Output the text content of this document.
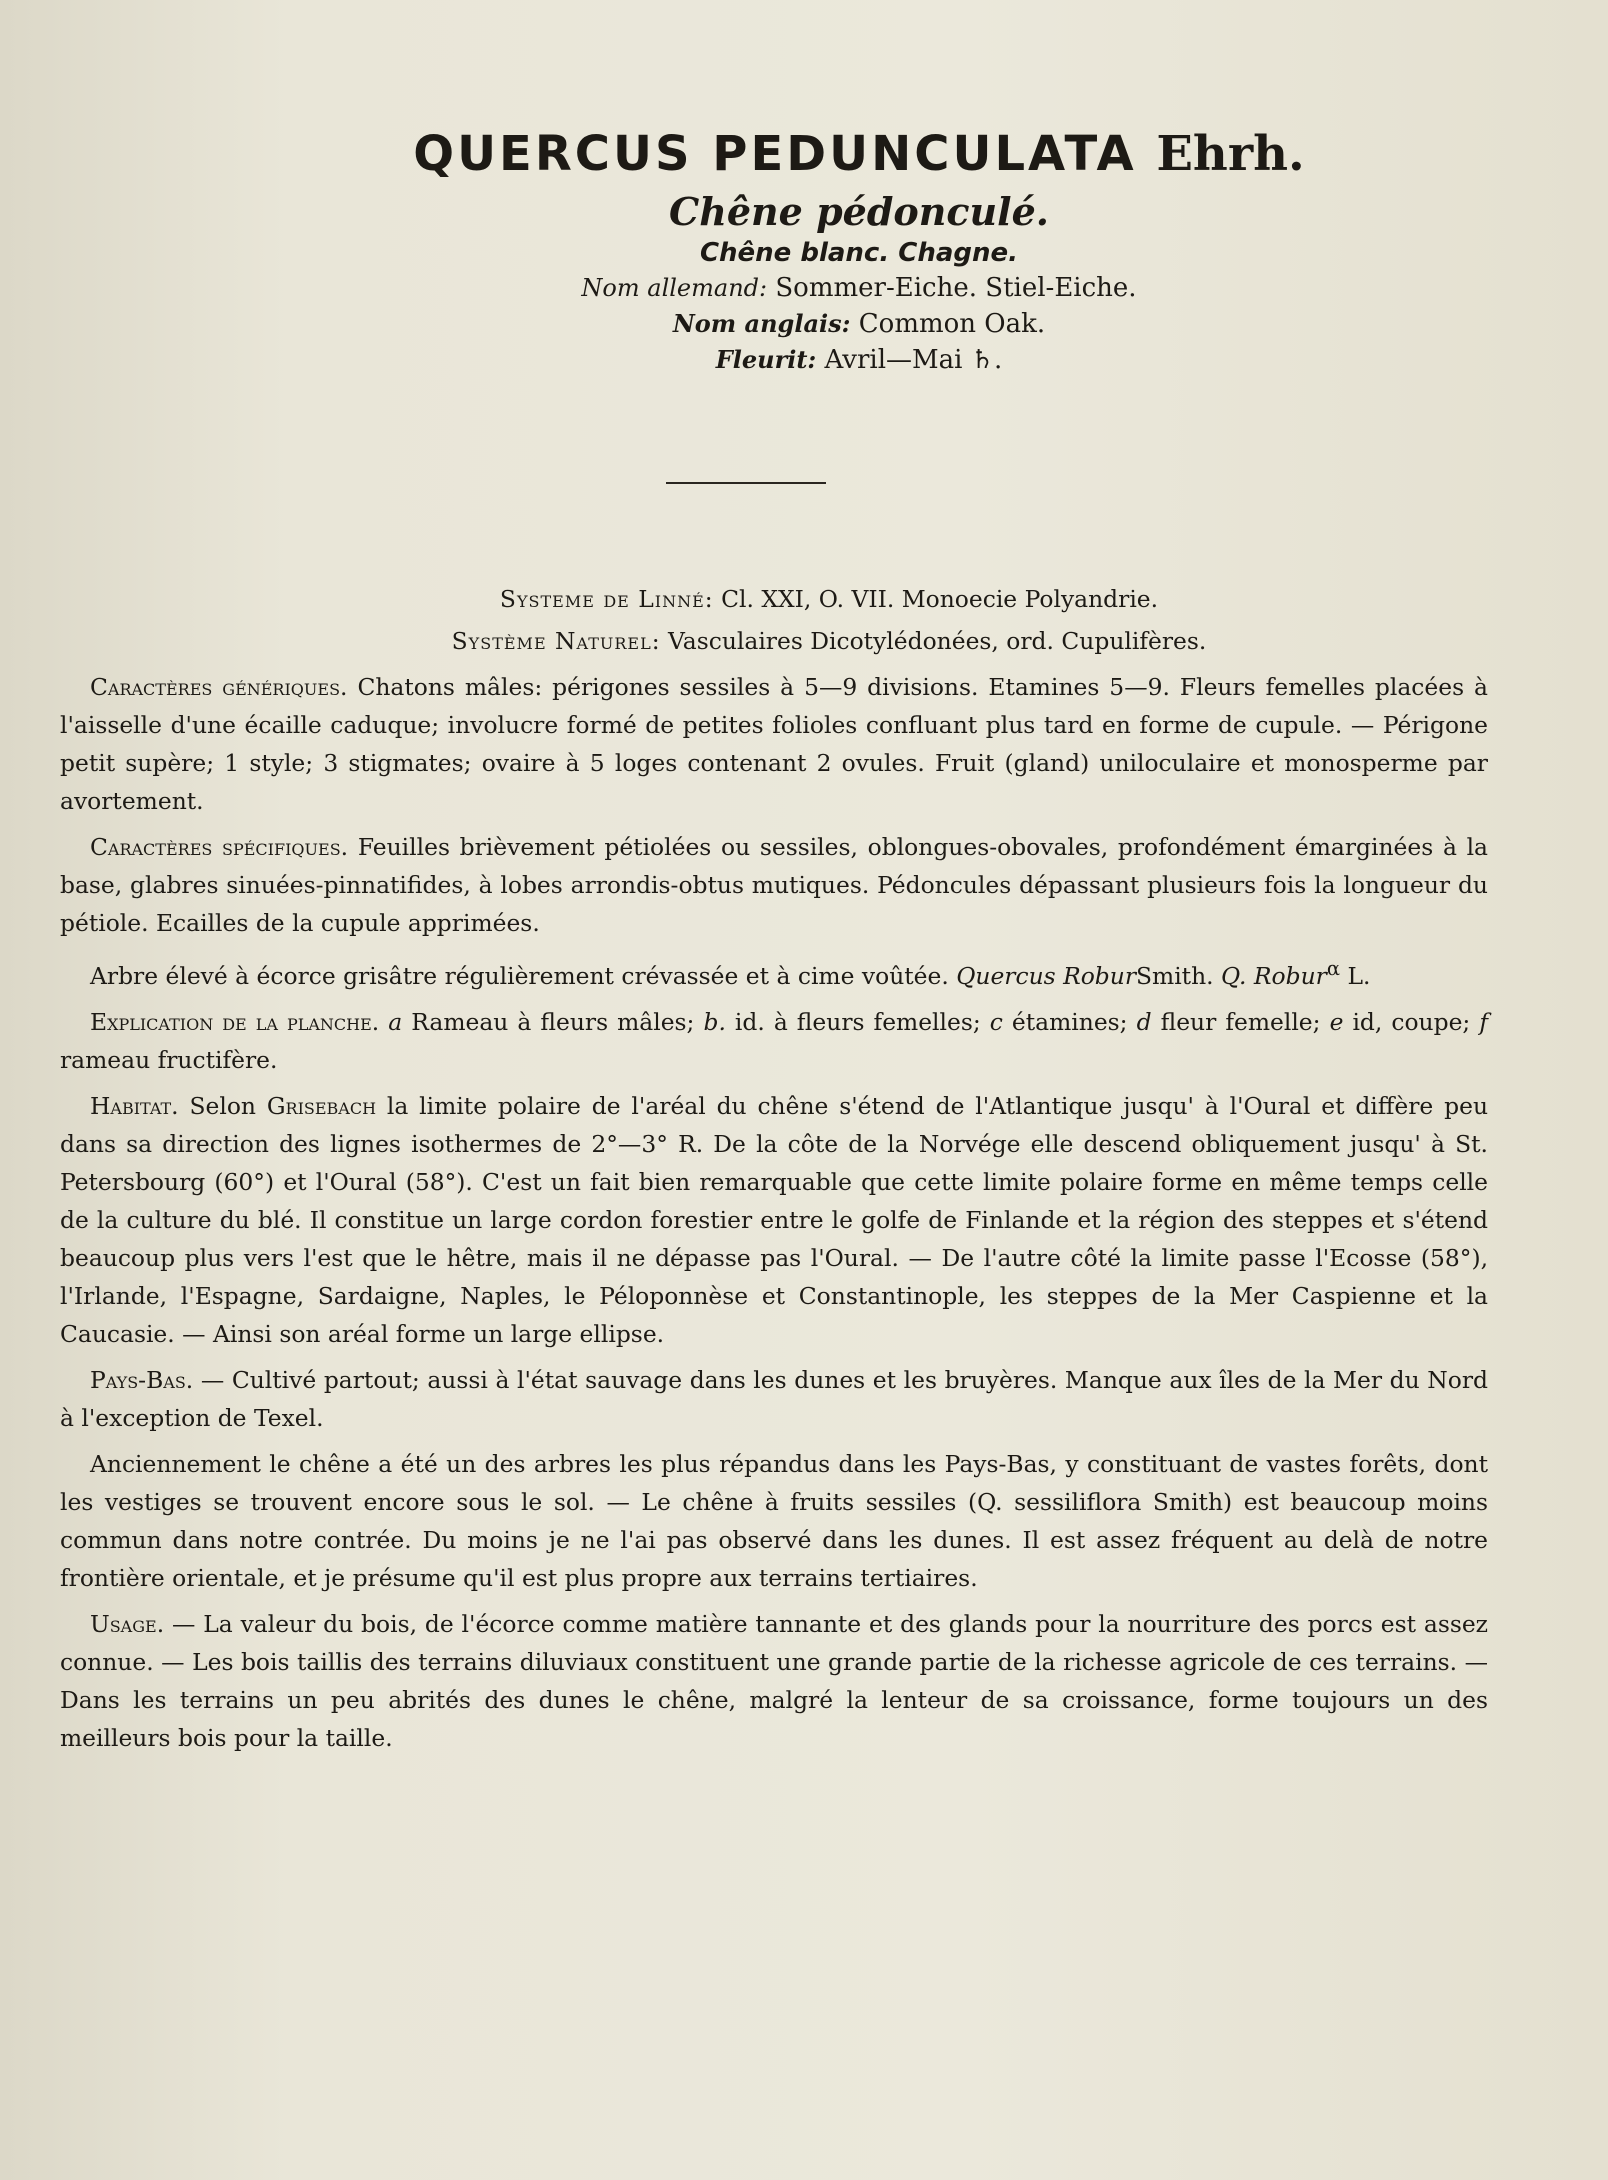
QUERCUS PEDUNCULATA Ehrh.
Chêne pédonculé.
Chêne blanc. Chagne.
Nom allemand: Sommer-Eiche. Stiel-Eiche.
Nom anglais: Common Oak.
Fleurit: Avril—Mai ♄.
Systeme de Linné: Cl. XXI, O. VII. Monoecie Polyandrie.
Système Naturel: Vasculaires Dicotylédonées, ord. Cupulifères.

Caractères génériques. Chatons mâles: périgones sessiles à 5—9 divisions. Etamines 5—9. Fleurs femelles placées à l'aisselle d'une écaille caduque; involucre formé de petites folioles confluant plus tard en forme de cupule. — Périgone petit supère; 1 style; 3 stigmates; ovaire à 5 loges contenant 2 ovules. Fruit (gland) uniloculaire et monosperme par avortement.

Caractères spécifiques. Feuilles brièvement pétiolées ou sessiles, oblongues-obovales, profondément émarginées à la base, glabres sinuées-pinnatifides, à lobes arrondis-obtus mutiques. Pédoncules dépassant plusieurs fois la longueur du pétiole. Ecailles de la cupule apprimées.

Arbre élevé à écorce grisâtre régulièrement crévassée et à cime voûtée. Quercus RoburSmith. Q. Robur$^\alpha$ L.

Explication de la planche. a Rameau à fleurs mâles; b. id. à fleurs femelles; c étamines; d fleur femelle; e id, coupe; f rameau fructifère.

Habitat. Selon Grisebach la limite polaire de l'aréal du chêne s'étend de l'Atlantique jusqu' à l'Oural et diffère peu dans sa direction des lignes isothermes de 2°—3° R. De la côte de la Norvége elle descend obliquement jusqu' à St. Petersbourg (60°) et l'Oural (58°). C'est un fait bien remarquable que cette limite polaire forme en même temps celle de la culture du blé. Il constitue un large cordon forestier entre le golfe de Finlande et la région des steppes et s'étend beaucoup plus vers l'est que le hêtre, mais il ne dépasse pas l'Oural. — De l'autre côté la limite passe l'Ecosse (58°), l'Irlande, l'Espagne, Sardaigne, Naples, le Péloponnèse et Constantinople, les steppes de la Mer Caspienne et la Caucasie. — Ainsi son aréal forme un large ellipse.

Pays-Bas. — Cultivé partout; aussi à l'état sauvage dans les dunes et les bruyères. Manque aux îles de la Mer du Nord à l'exception de Texel.

Anciennement le chêne a été un des arbres les plus répandus dans les Pays-Bas, y constituant de vastes forêts, dont les vestiges se trouvent encore sous le sol. — Le chêne à fruits sessiles (Q. sessiliflora Smith) est beaucoup moins commun dans notre contrée. Du moins je ne l'ai pas observé dans les dunes. Il est assez fréquent au delà de notre frontière orientale, et je présume qu'il est plus propre aux terrains tertiaires.

Usage. — La valeur du bois, de l'écorce comme matière tannante et des glands pour la nourriture des porcs est assez connue. — Les bois taillis des terrains diluviaux constituent une grande partie de la richesse agricole de ces terrains. — Dans les terrains un peu abrités des dunes le chêne, malgré la lenteur de sa croissance, forme toujours un des meilleurs bois pour la taille.
